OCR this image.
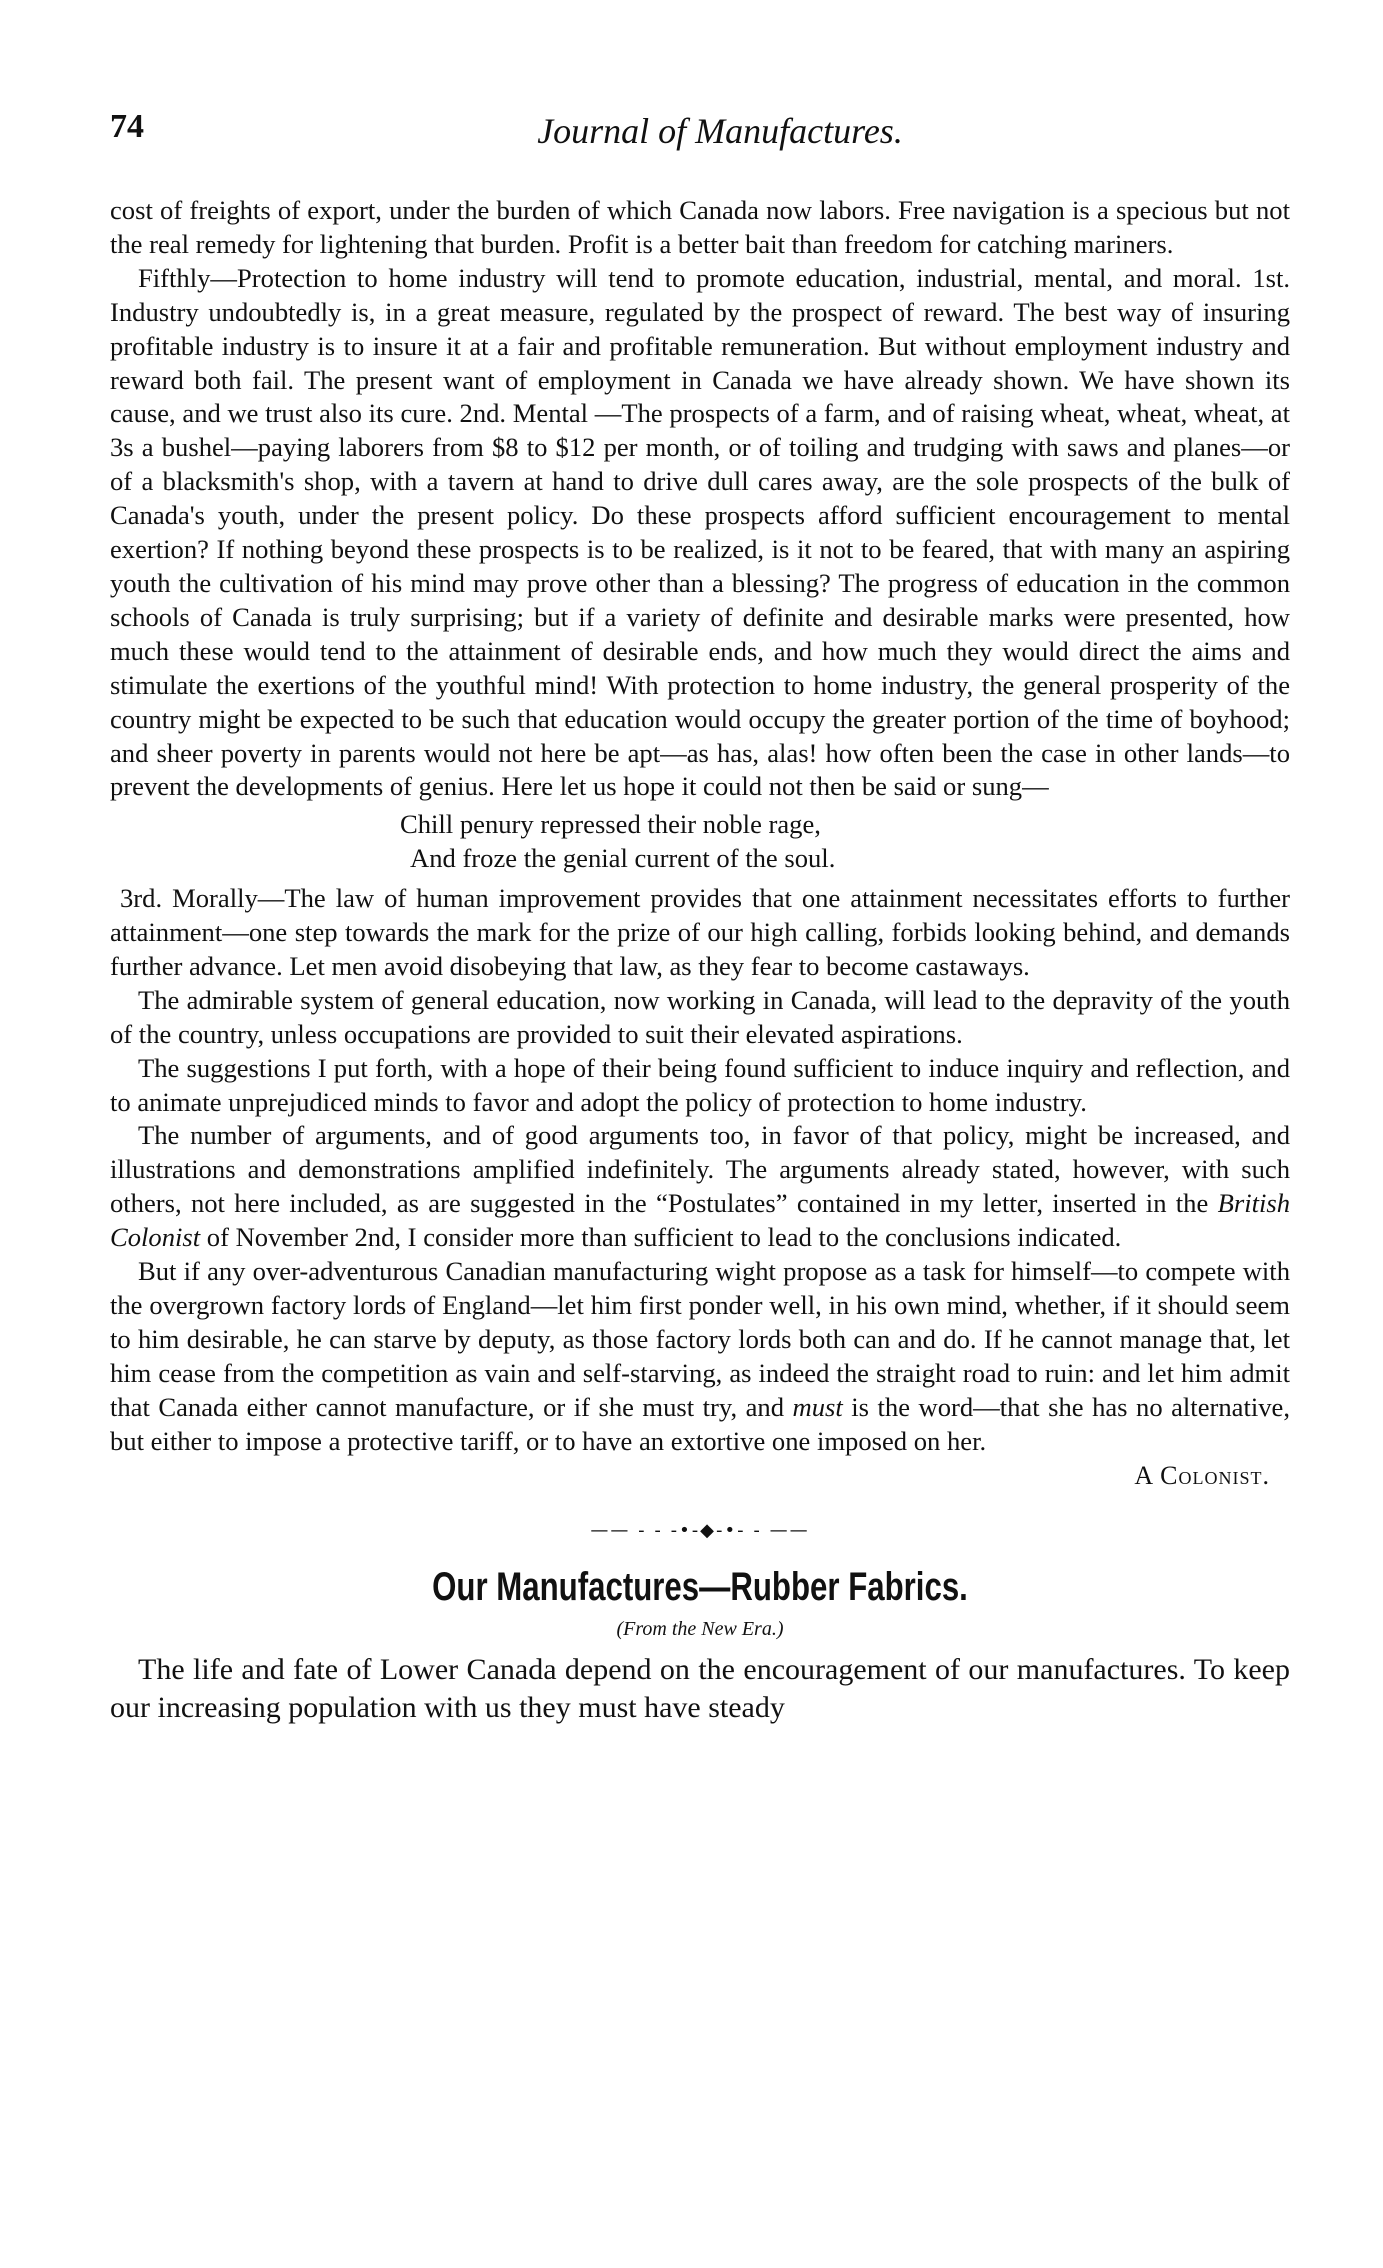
74	Journal of Manufactures.

cost of freights of export, under the burden of which Canada now labors. Free navigation is a specious but not the real remedy for lightening that burden. Profit is a better bait than freedom for catching mariners.

Fifthly—Protection to home industry will tend to promote education, industrial, mental, and moral. 1st. Industry undoubtedly is, in a great measure, regulated by the prospect of reward. The best way of insuring profitable industry is to insure it at a fair and profitable remuneration. But without employment industry and reward both fail. The present want of employment in Canada we have already shown. We have shown its cause, and we trust also its cure. 2nd. Mental —The prospects of a farm, and of raising wheat, wheat, wheat, at 3s a bushel—paying laborers from $8 to $12 per month, or of toiling and trudging with saws and planes—or of a blacksmith's shop, with a tavern at hand to drive dull cares away, are the sole prospects of the bulk of Canada's youth, under the present policy. Do these prospects afford sufficient encouragement to mental exertion? If nothing beyond these prospects is to be realized, is it not to be feared, that with many an aspiring youth the cultivation of his mind may prove other than a blessing? The progress of education in the common schools of Canada is truly surprising; but if a variety of definite and desirable marks were presented, how much these would tend to the attainment of desirable ends, and how much they would direct the aims and stimulate the exertions of the youthful mind! With protection to home industry, the general prosperity of the country might be expected to be such that education would occupy the greater portion of the time of boyhood; and sheer poverty in parents would not here be apt—as has, alas! how often been the case in other lands—to prevent the developments of genius. Here let us hope it could not then be said or sung—

Chill penury repressed their noble rage,
And froze the genial current of the soul.

3rd. Morally—The law of human improvement provides that one attainment necessitates efforts to further attainment—one step towards the mark for the prize of our high calling, forbids looking behind, and demands further advance. Let men avoid disobeying that law, as they fear to become castaways.

The admirable system of general education, now working in Canada, will lead to the depravity of the youth of the country, unless occupations are provided to suit their elevated aspirations.

The suggestions I put forth, with a hope of their being found sufficient to induce inquiry and reflection, and to animate unprejudiced minds to favor and adopt the policy of protection to home industry.

The number of arguments, and of good arguments too, in favor of that policy, might be increased, and illustrations and demonstrations amplified indefinitely. The arguments already stated, however, with such others, not here included, as are suggested in the “Postulates” contained in my letter, inserted in the British Colonist of November 2nd, I consider more than sufficient to lead to the conclusions indicated.

But if any over-adventurous Canadian manufacturing wight propose as a task for himself—to compete with the overgrown factory lords of England—let him first ponder well, in his own mind, whether, if it should seem to him desirable, he can starve by deputy, as those factory lords both can and do. If he cannot manage that, let him cease from the competition as vain and self-starving, as indeed the straight road to ruin: and let him admit that Canada either cannot manufacture, or if she must try, and must is the word—that she has no alternative, but either to impose a protective tariff, or to have an extortive one imposed on her.

A Colonist.
—— - - -•-◆-•- - ——
Our Manufactures—Rubber Fabrics.
(From the New Era.)

The life and fate of Lower Canada depend on the encouragement of our manufactures. To keep our increasing population with us they must have steady
